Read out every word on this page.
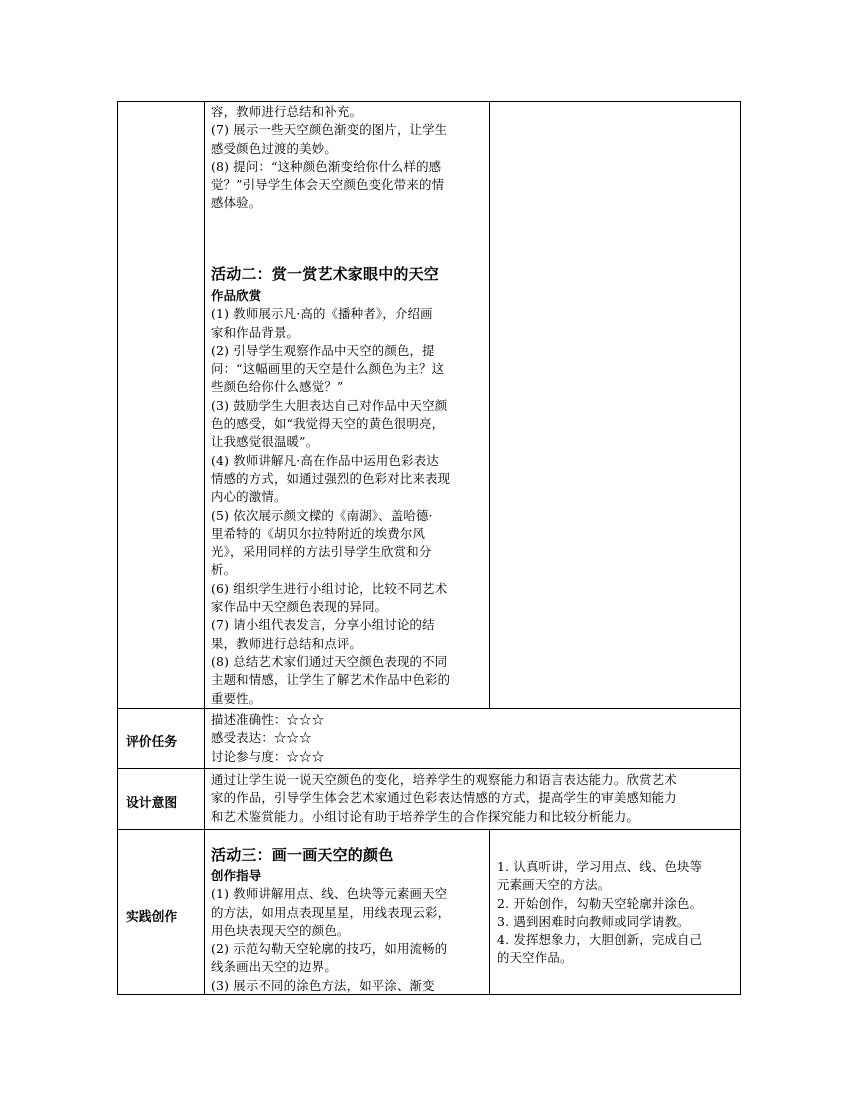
容，教师进行总结和补充。

(7) 展示一些天空颜色渐变的图片，让学生

感受颜色过渡的美妙。

(8) 提问：“这种颜色渐变给你什么样的感

觉？”引导学生体会天空颜色变化带来的情

感体验。

活动二：赏一赏艺术家眼中的天空

作品欣赏

(1) 教师展示凡·高的《播种者》，介绍画

家和作品背景。

(2) 引导学生观察作品中天空的颜色，提

问：“这幅画里的天空是什么颜色为主？这

些颜色给你什么感觉？”

(3) 鼓励学生大胆表达自己对作品中天空颜

色的感受，如“我觉得天空的黄色很明亮，

让我感觉很温暖”。

(4) 教师讲解凡·高在作品中运用色彩表达

情感的方式，如通过强烈的色彩对比来表现

内心的激情。

(5) 依次展示颜文樑的《南湖》、盖哈德·

里希特的《胡贝尔拉特附近的埃费尔风

光》，采用同样的方法引导学生欣赏和分

析。

(6) 组织学生进行小组讨论，比较不同艺术

家作品中天空颜色表现的异同。

(7) 请小组代表发言，分享小组讨论的结

果，教师进行总结和点评。

(8) 总结艺术家们通过天空颜色表现的不同

主题和情感，让学生了解艺术作品中色彩的

重要性。

评价任务

描述准确性：☆☆☆

感受表达：☆☆☆

讨论参与度：☆☆☆

设计意图

通过让学生说一说天空颜色的变化，培养学生的观察能力和语言表达能力。欣赏艺术

家的作品，引导学生体会艺术家通过色彩表达情感的方式，提高学生的审美感知能力

和艺术鉴赏能力。小组讨论有助于培养学生的合作探究能力和比较分析能力。

实践创作

活动三：画一画天空的颜色

创作指导

(1) 教师讲解用点、线、色块等元素画天空

的方法，如用点表现星星，用线表现云彩，

用色块表现天空的颜色。

(2) 示范勾勒天空轮廓的技巧，如用流畅的

线条画出天空的边界。

(3) 展示不同的涂色方法，如平涂、渐变

1. 认真听讲，学习用点、线、色块等

元素画天空的方法。

2. 开始创作，勾勒天空轮廓并涂色。

3. 遇到困难时向教师或同学请教。

4. 发挥想象力，大胆创新，完成自己

的天空作品。
